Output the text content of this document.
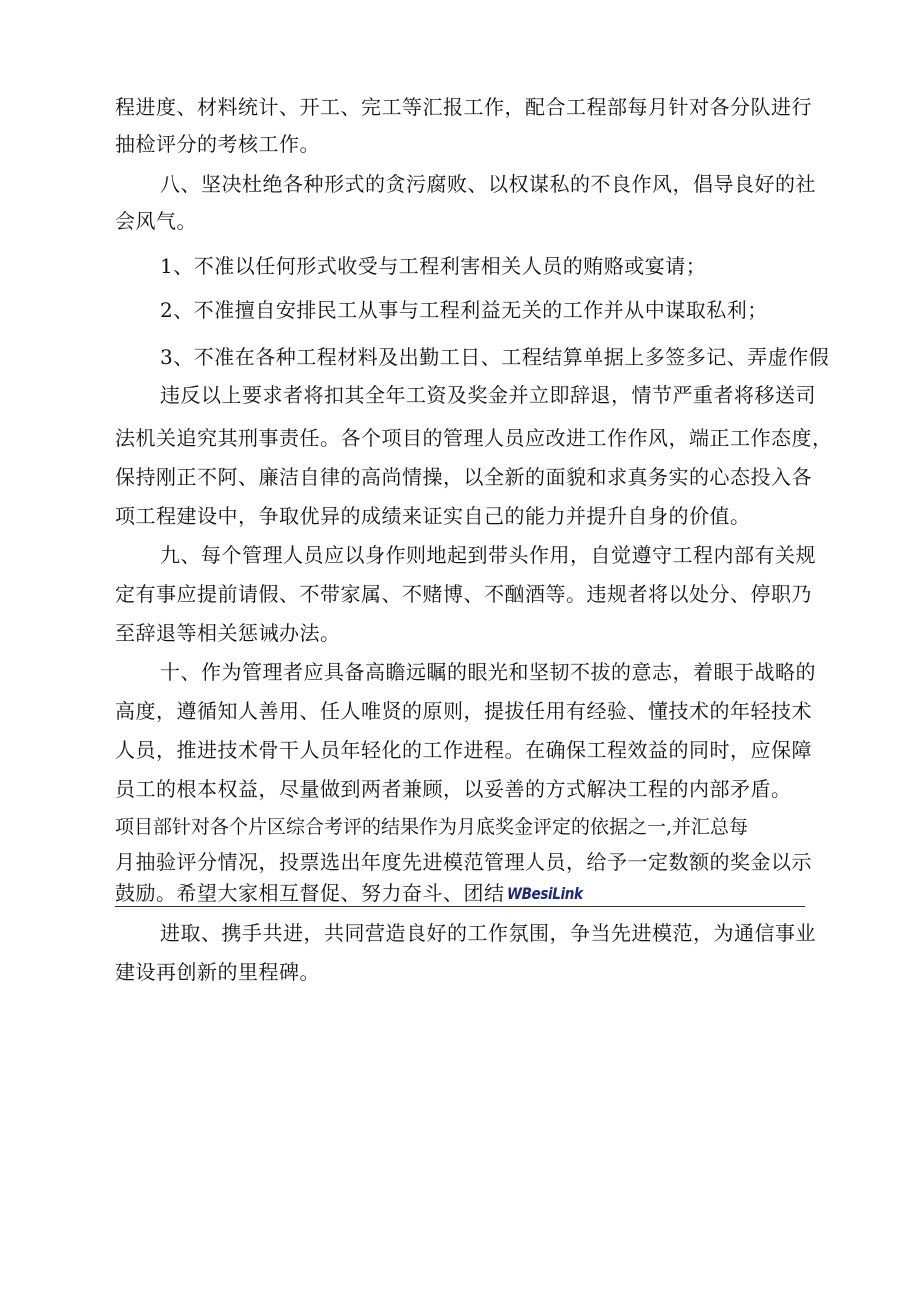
程进度、材料统计、开工、完工等汇报工作，配合工程部每月针对各分队进行
抽检评分的考核工作。
八、坚决杜绝各种形式的贪污腐败、以权谋私的不良作风，倡导良好的社
会风气。
1、不准以任何形式收受与工程利害相关人员的贿赂或宴请；
2、不准擅自安排民工从事与工程利益无关的工作并从中谋取私利；
3、不准在各种工程材料及出勤工日、工程结算单据上多签多记、弄虚作假
违反以上要求者将扣其全年工资及奖金并立即辞退，情节严重者将移送司
法机关追究其刑事责任。各个项目的管理人员应改进工作作风，端正工作态度，
保持刚正不阿、廉洁自律的高尚情操，以全新的面貌和求真务实的心态投入各
项工程建设中，争取优异的成绩来证实自己的能力并提升自身的价值。
九、每个管理人员应以身作则地起到带头作用，自觉遵守工程内部有关规
定有事应提前请假、不带家属、不赌博、不酗酒等。违规者将以处分、停职乃
至辞退等相关惩诫办法。
十、作为管理者应具备高瞻远瞩的眼光和坚韧不拔的意志，着眼于战略的
高度，遵循知人善用、任人唯贤的原则，提拔任用有经验、懂技术的年轻技术
人员，推进技术骨干人员年轻化的工作进程。在确保工程效益的同时，应保障
员工的根本权益，尽量做到两者兼顾，以妥善的方式解决工程的内部矛盾。
项目部针对各个片区综合考评的结果作为月底奖金评定的依据之一,并汇总每
月抽验评分情况，投票选出年度先进模范管理人员，给予一定数额的奖金以示
鼓励。希望大家相互督促、努力奋斗、团结 WBesiLink
进取、携手共进，共同营造良好的工作氛围，争当先进模范，为通信事业
建设再创新的里程碑。
